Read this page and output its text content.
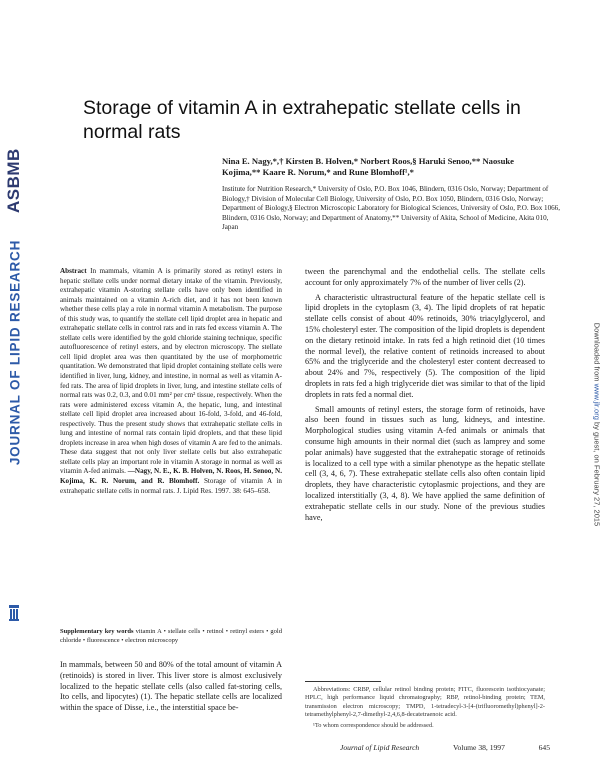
ASBMB
JOURNAL OF LIPID RESEARCH	Downloaded from www.jlr.org by guest, on February 27, 2015
Storage of vitamin A in extrahepatic stellate cells in normal rats
Nina E. Nagy,*,† Kirsten B. Holven,* Norbert Roos,§ Haruki Senoo,** Naosuke Kojima,** Kaare R. Norum,* and Rune Blomhoff¹,*
Institute for Nutrition Research,* University of Oslo, P.O. Box 1046, Blindern, 0316 Oslo, Norway; Department of Biology,† Division of Molecular Cell Biology, University of Oslo, P.O. Box 1050, Blindern, 0316 Oslo, Norway; Department of Biology,§ Electron Microscopic Laboratory for Biological Sciences, University of Oslo, P.O. Box 1066, Blindern, 0316 Oslo, Norway; and Department of Anatomy,** University of Akita, School of Medicine, Akita 010, Japan
Abstract In mammals, vitamin A is primarily stored as retinyl esters in hepatic stellate cells under normal dietary intake of the vitamin. Previously, extrahepatic vitamin A-storing stellate cells have only been identified in animals maintained on a vitamin A-rich diet, and it has not been known whether these cells play a role in normal vitamin A metabolism. The purpose of this study was, to quantify the stellate cell lipid droplet area in hepatic and extrahepatic stellate cells in control rats and in rats fed excess vitamin A. The stellate cells were identified by the gold chloride staining technique, specific autofluorescence of retinyl esters, and by electron microscopy. The stellate cell lipid droplet area was then quantitated by the use of morphometric quantitation. We demonstrated that lipid droplet containing stellate cells were identified in liver, lung, kidney, and intestine, in normal as well as vitamin A-fed rats. The area of lipid droplets in liver, lung, and intestine stellate cells of normal rats was 0.2, 0.3, and 0.01 mm² per cm² tissue, respectively. When the rats were administered excess vitamin A, the hepatic, lung, and intestinal stellate cell lipid droplet area increased about 16-fold, 3-fold, and 46-fold, respectively. Thus the present study shows that extrahepatic stellate cells in lung and intestine of normal rats contain lipid droplets, and that these lipid droplets increase in area when high doses of vitamin A are fed to the animals. These data suggest that not only liver stellate cells but also extrahepatic stellate cells play an important role in vitamin A storage in normal as well as vitamin A-fed animals. —Nagy, N. E., K. B. Holven, N. Roos, H. Senoo, N. Kojima, K. R. Norum, and R. Blomhoff. Storage of vitamin A in extrahepatic stellate cells in normal rats. J. Lipid Res. 1997. 38: 645–658.
Supplementary key words vitamin A • stellate cells • retinol • retinyl esters • gold chloride • fluorescence • electron microscopy
In mammals, between 50 and 80% of the total amount of vitamin A (retinoids) is stored in liver. This liver store is almost exclusively localized to the hepatic stellate cells (also called fat-storing cells, Ito cells, and lipocytes) (1). The hepatic stellate cells are localized within the space of Disse, i.e., the interstitial space be-

tween the parenchymal and the endothelial cells. The stellate cells account for only approximately 7% of the number of liver cells (2).

A characteristic ultrastructural feature of the hepatic stellate cell is lipid droplets in the cytoplasm (3, 4). The lipid droplets of rat hepatic stellate cells consist of about 40% retinoids, 30% triacylglycerol, and 15% cholesteryl ester. The composition of the lipid droplets is dependent on the dietary retinoid intake. In rats fed a high retinoid diet (10 times the normal level), the relative content of retinoids increased to about 65% and the triglyceride and the cholesteryl ester content decreased to about 24% and 7%, respectively (5). The composition of the lipid droplets in rats fed a high triglyceride diet was similar to that of the lipid droplets in rats fed a normal diet.

Small amounts of retinyl esters, the storage form of retinoids, have also been found in tissues such as lung, kidneys, and intestine. Morphological studies using vitamin A-fed animals or animals that consume high amounts in their normal diet (such as lamprey and some polar animals) have suggested that the extrahepatic storage of retinoids is localized to a cell type with a similar phenotype as the hepatic stellate cell (3, 4, 6, 7). These extrahepatic stellate cells also often contain lipid droplets, they have characteristic cytoplasmic projections, and they are localized interstitially (3, 4, 8). We have applied the same definition of extrahepatic stellate cells in our study. None of the previous studies have,

Abbreviations: CRBP, cellular retinol binding protein; FITC, fluorescein isothiocyanate; HPLC, high performance liquid chromatography; RBP, retinol-binding protein; TEM, transmission electron microscopy; TMPD, 1-tetradecyl-3-[4-(trifluoromethyl)phenyl]-2-tetramethylphenyl-2,7-dimethyl-2,4,6,8-decatetraenoic acid.

¹To whom correspondence should be addressed.

Journal of Lipid Research	Volume 38, 1997	645
